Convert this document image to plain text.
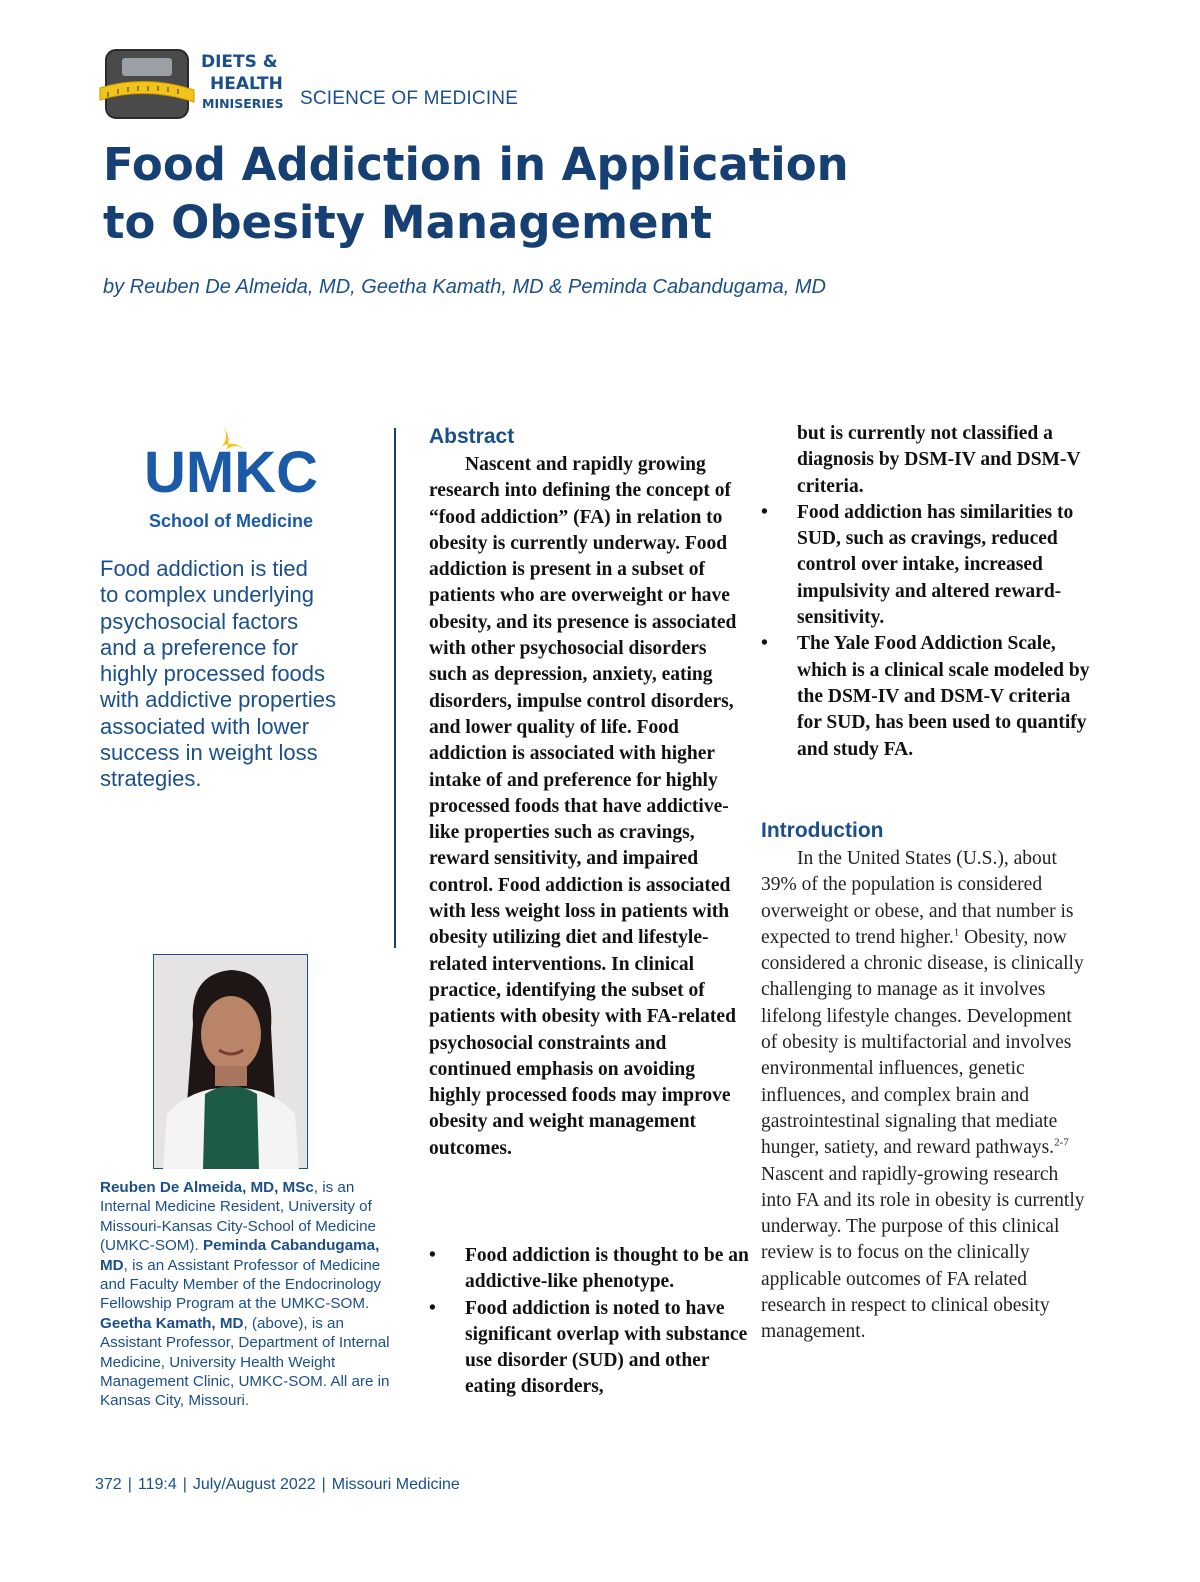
DIETS &
HEALTH
MINISERIES SCIENCE OF MEDICINE
Food Addiction in Application
to Obesity Management
by Reuben De Almeida, MD, Geetha Kamath, MD & Peminda Cabandugama, MD
UMKC
School of Medicine

Food addiction is tied
to complex underlying
psychosocial factors
and a preference for
highly processed foods
with addictive properties
associated with lower
success in weight loss
strategies.

Reuben De Almeida, MD, MSc, is an Internal Medicine Resident, University of Missouri-Kansas City-School of Medicine (UMKC-SOM). Peminda Cabandugama, MD, is an Assistant Professor of Medicine and Faculty Member of the Endocrinology Fellowship Program at the UMKC-SOM. Geetha Kamath, MD, (above), is an Assistant Professor, Department of Internal Medicine, University Health Weight Management Clinic, UMKC-SOM. All are in Kansas City, Missouri.

Abstract

Nascent and rapidly growing research into defining the concept of “food addiction” (FA) in relation to obesity is currently underway. Food addiction is present in a subset of patients who are overweight or have obesity, and its presence is associated with other psychosocial disorders such as depression, anxiety, eating disorders, impulse control disorders, and lower quality of life. Food addiction is associated with higher intake of and preference for highly processed foods that have addictive-like properties such as cravings, reward sensitivity, and impaired control. Food addiction is associated with less weight loss in patients with obesity utilizing diet and lifestyle-related interventions. In clinical practice, identifying the subset of patients with obesity with FA-related psychosocial constraints and continued emphasis on avoiding highly processed foods may improve obesity and weight management outcomes.

• Food addiction is thought to be an addictive-like phenotype.
• Food addiction is noted to have significant overlap with substance use disorder (SUD) and other eating disorders,

but is currently not classified a diagnosis by DSM-IV and DSM-V criteria.

• Food addiction has similarities to SUD, such as cravings, reduced control over intake, increased impulsivity and altered reward-sensitivity.
• The Yale Food Addiction Scale, which is a clinical scale modeled by the DSM-IV and DSM-V criteria for SUD, has been used to quantify and study FA.
Introduction

In the United States (U.S.), about 39% of the population is considered overweight or obese, and that number is expected to trend higher.$^1$ Obesity, now considered a chronic disease, is clinically challenging to manage as it involves lifelong lifestyle changes. Development of obesity is multifactorial and involves environmental influences, genetic influences, and complex brain and gastrointestinal signaling that mediate hunger, satiety, and reward pathways.$^{2-7}$ Nascent and rapidly-growing research into FA and its role in obesity is currently underway. The purpose of this clinical review is to focus on the clinically applicable outcomes of FA related research in respect to clinical obesity management.

372 | 119:4 | July/August 2022 | Missouri Medicine
